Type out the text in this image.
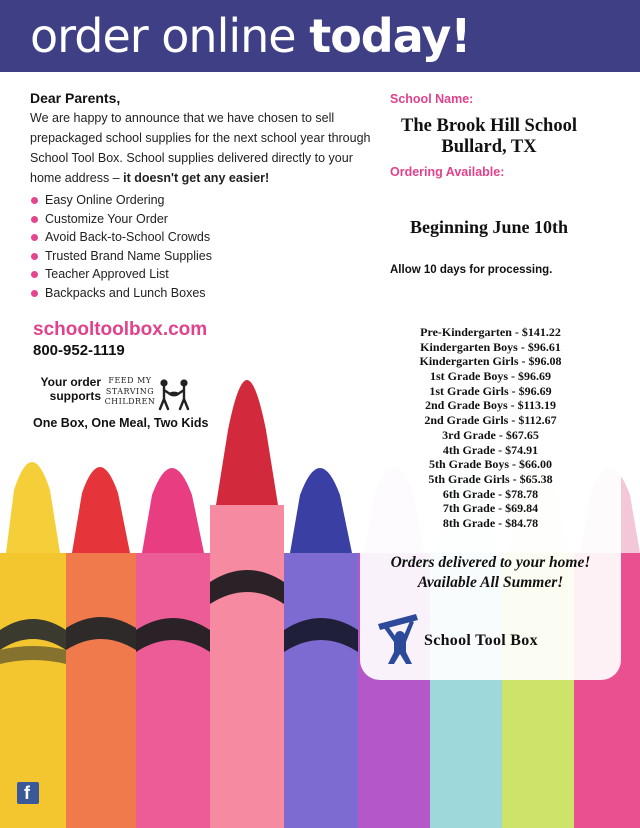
order online today!
Dear Parents,
We are happy to announce that we have chosen to sell prepackaged school supplies for the next school year through School Tool Box. School supplies delivered directly to your home address – it doesn't get any easier!
Easy Online Ordering
Customize Your Order
Avoid Back-to-School Crowds
Trusted Brand Name Supplies
Teacher Approved List
Backpacks and Lunch Boxes
schooltoolbox.com
800-952-1119
Your order supports
FEED MY
STARVING
CHILDREN
One Box, One Meal, Two Kids
School Name:
The Brook Hill School
Bullard, TX
Ordering Available:
Beginning June 10th
Allow 10 days for processing.
Pre-Kindergarten - $141.22
Kindergarten Boys - $96.61
Kindergarten Girls - $96.08
1st Grade Boys - $96.69
1st Grade Girls - $96.69
2nd Grade Boys - $113.19
2nd Grade Girls - $112.67
3rd Grade - $67.65
4th Grade - $74.91
5th Grade Boys - $66.00
5th Grade Girls - $65.38
6th Grade - $78.78
7th Grade - $69.84
8th Grade - $84.78
Orders delivered to your home!
Available All Summer!
School Tool Box
f
